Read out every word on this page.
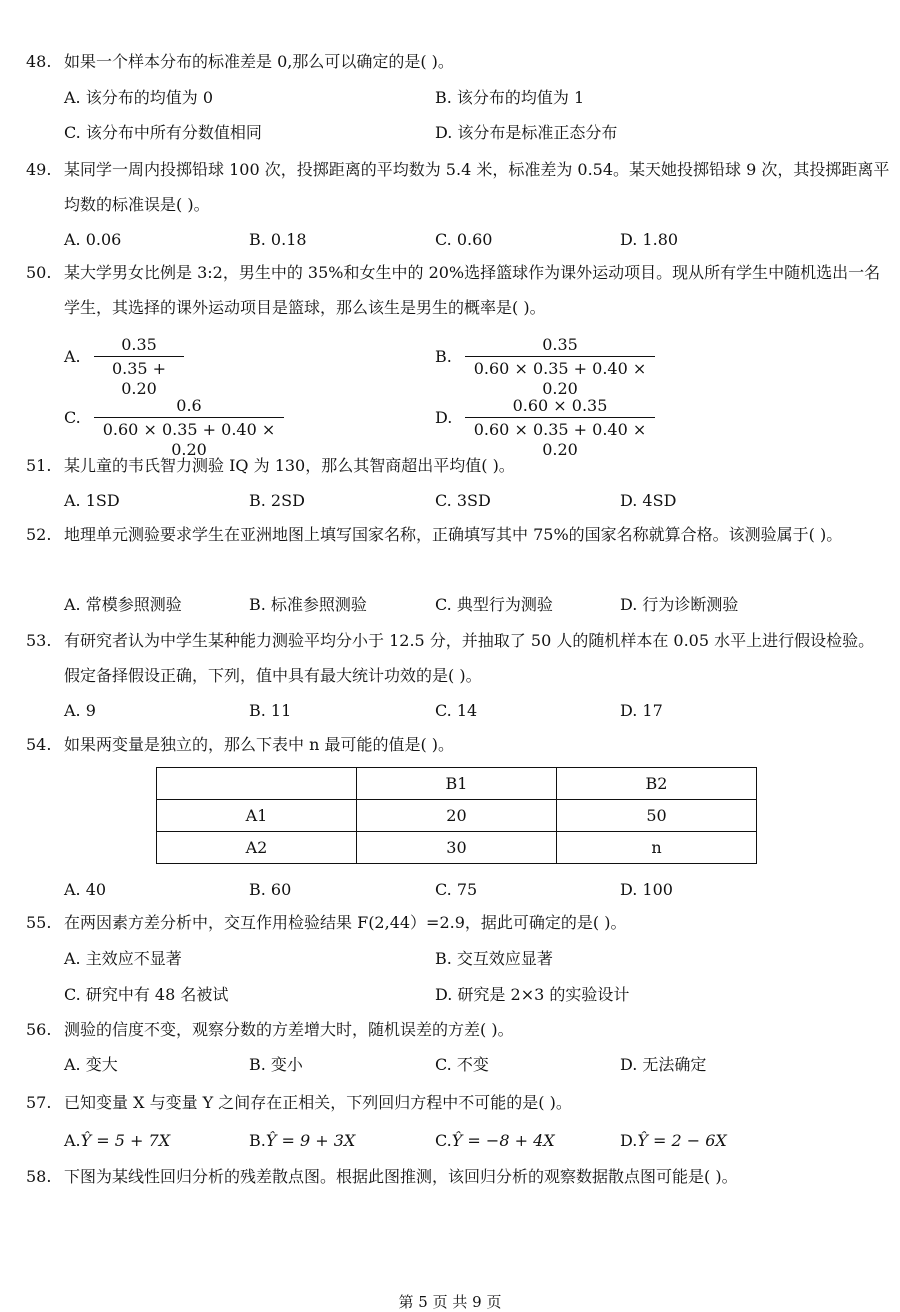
48. 如果一个样本分布的标准差是 0,那么可以确定的是( )。
A. 该分布的均值为 0	B. 该分布的均值为 1
C. 该分布中所有分数值相同	D. 该分布是标准正态分布
49. 某同学一周内投掷铅球 100 次，投掷距离的平均数为 5.4 米，标准差为 0.54。某天她投掷铅球 9 次，其投掷距离平均数的标准误是( )。
A. 0.06	B. 0.18	C. 0.60	D. 1.80
50. 某大学男女比例是 3:2，男生中的 35%和女生中的 20%选择篮球作为课外运动项目。现从所有学生中随机选出一名学生，其选择的课外运动项目是篮球，那么该生是男生的概率是( )。
A.
0.35
0.35 + 0.20
B.
0.35
0.60 × 0.35 + 0.40 × 0.20
C.
0.6
0.60 × 0.35 + 0.40 × 0.20
D.
0.60 × 0.35
0.60 × 0.35 + 0.40 × 0.20
51. 某儿童的韦氏智力测验 IQ 为 130，那么其智商超出平均值( )。
A. 1SD	B. 2SD	C. 3SD	D. 4SD
52. 地理单元测验要求学生在亚洲地图上填写国家名称，正确填写其中 75%的国家名称就算合格。该测验属于( )。
A. 常模参照测验	B. 标准参照测验	C. 典型行为测验	D. 行为诊断测验
53. 有研究者认为中学生某种能力测验平均分小于 12.5 分，并抽取了 50 人的随机样本在 0.05 水平上进行假设检验。假定备择假设正确，下列，值中具有最大统计功效的是( )。
A. 9	B. 11	C. 14	D. 17
54. 如果两变量是独立的，那么下表中 n 最可能的值是( )。
	B1	B2
A1	20	50
A2	30	n
A. 40	B. 60	C. 75	D. 100
55. 在两因素方差分析中，交互作用检验结果 F(2,44）=2.9，据此可确定的是( )。
A. 主效应不显著	B. 交互效应显著
C. 研究中有 48 名被试	D. 研究是 2×3 的实验设计
56. 测验的信度不变，观察分数的方差增大时，随机误差的方差( )。
A. 变大	B. 变小	C. 不变	D. 无法确定
57. 已知变量 X 与变量 Y 之间存在正相关，下列回归方程中不可能的是( )。
A.Ŷ = 5 + 7X	B.Ŷ = 9 + 3X	C.Ŷ = −8 + 4X	D.Ŷ = 2 − 6X
58. 下图为某线性回归分析的残差散点图。根据此图推测，该回归分析的观察数据散点图可能是( )。
第 5 页 共 9 页
